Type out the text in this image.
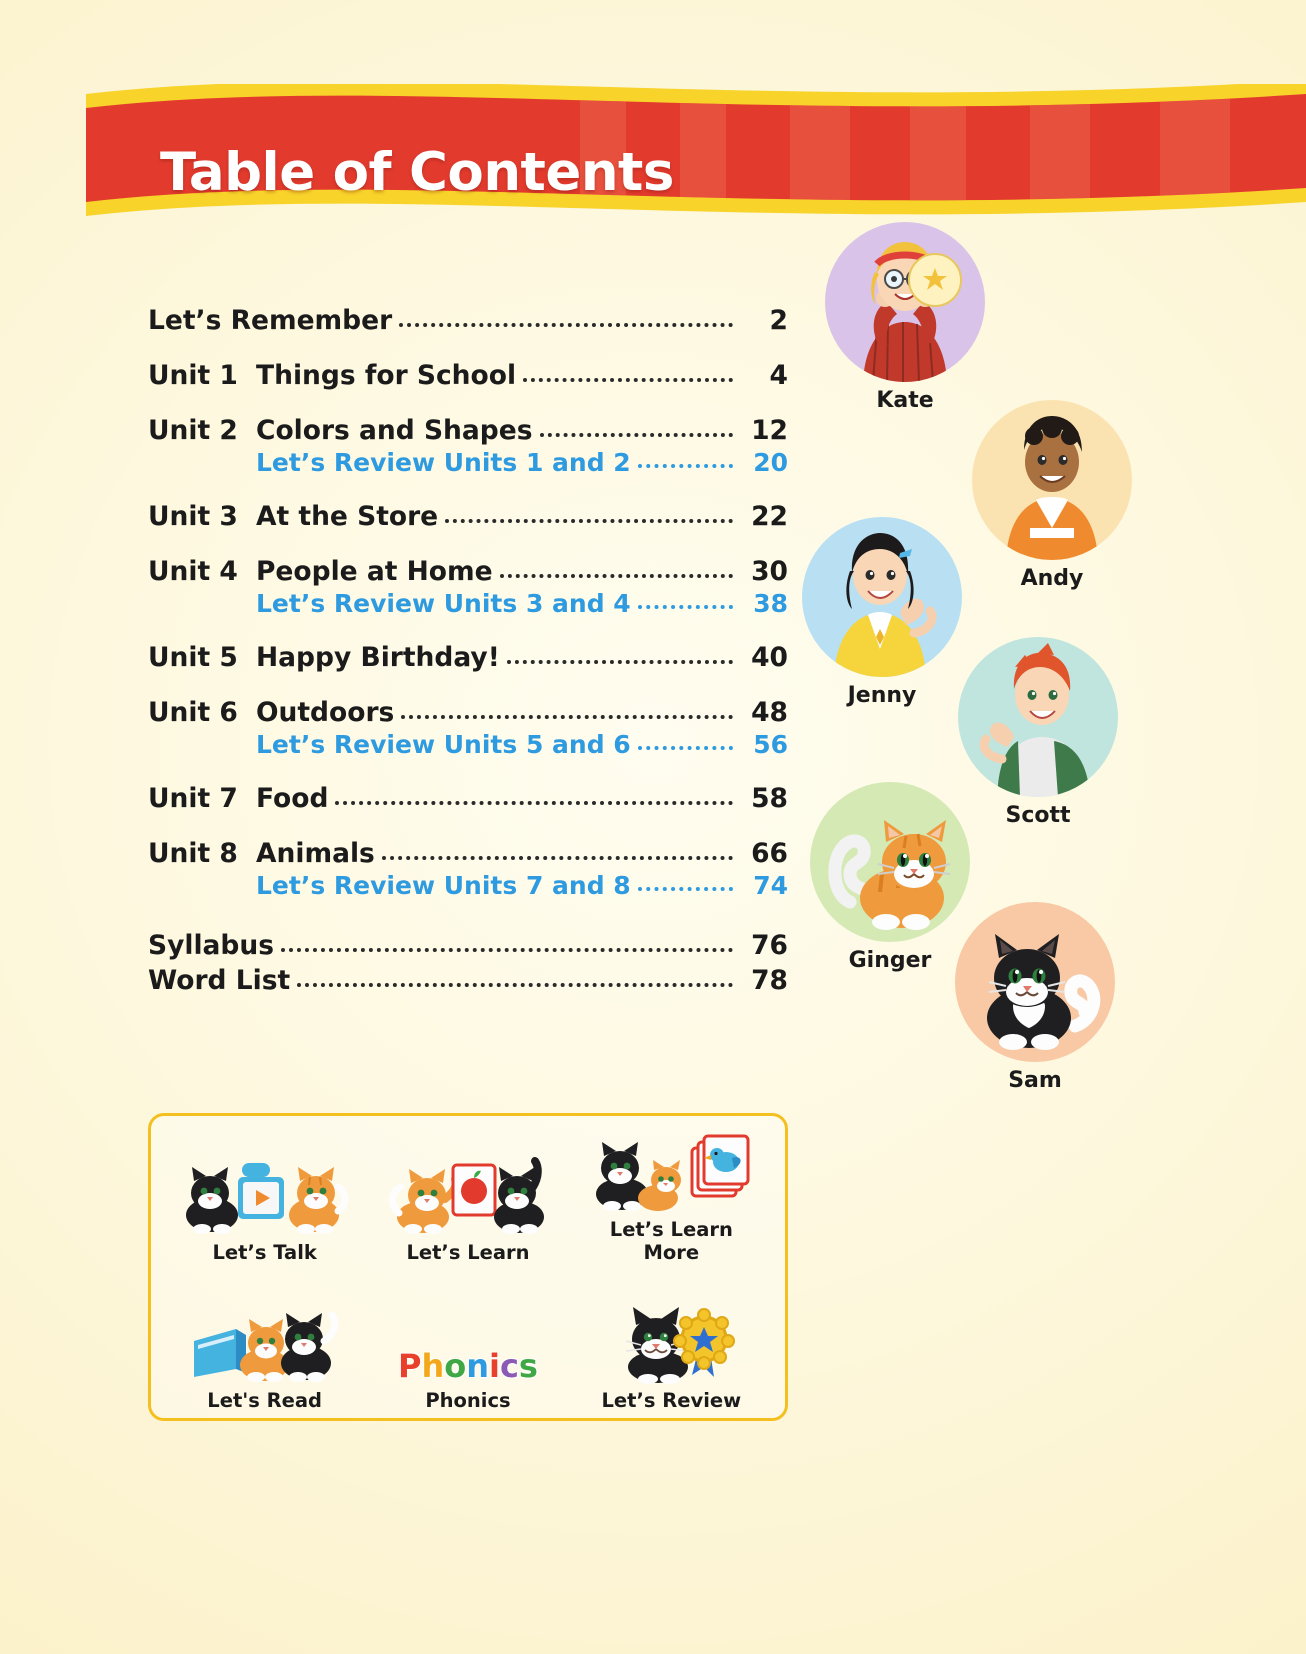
Table of Contents
Let’s Remember	2
Unit 1 Things for School	4
Unit 2 Colors and Shapes	12
Let’s Review Units 1 and 2	20
Unit 3 At the Store	22
Unit 4 People at Home	30
Let’s Review Units 3 and 4	38
Unit 5 Happy Birthday!	40
Unit 6 Outdoors	48
Let’s Review Units 5 and 6	56
Unit 7 Food	58
Unit 8 Animals	66
Let’s Review Units 7 and 8	74
Syllabus	76
Word List	78
Kate
Andy
Jenny
Scott
Ginger
Sam
Let’s Talk	Let’s Learn
Let’s Learn More
Let's Read
Phonics
Phonics	Let’s Review
